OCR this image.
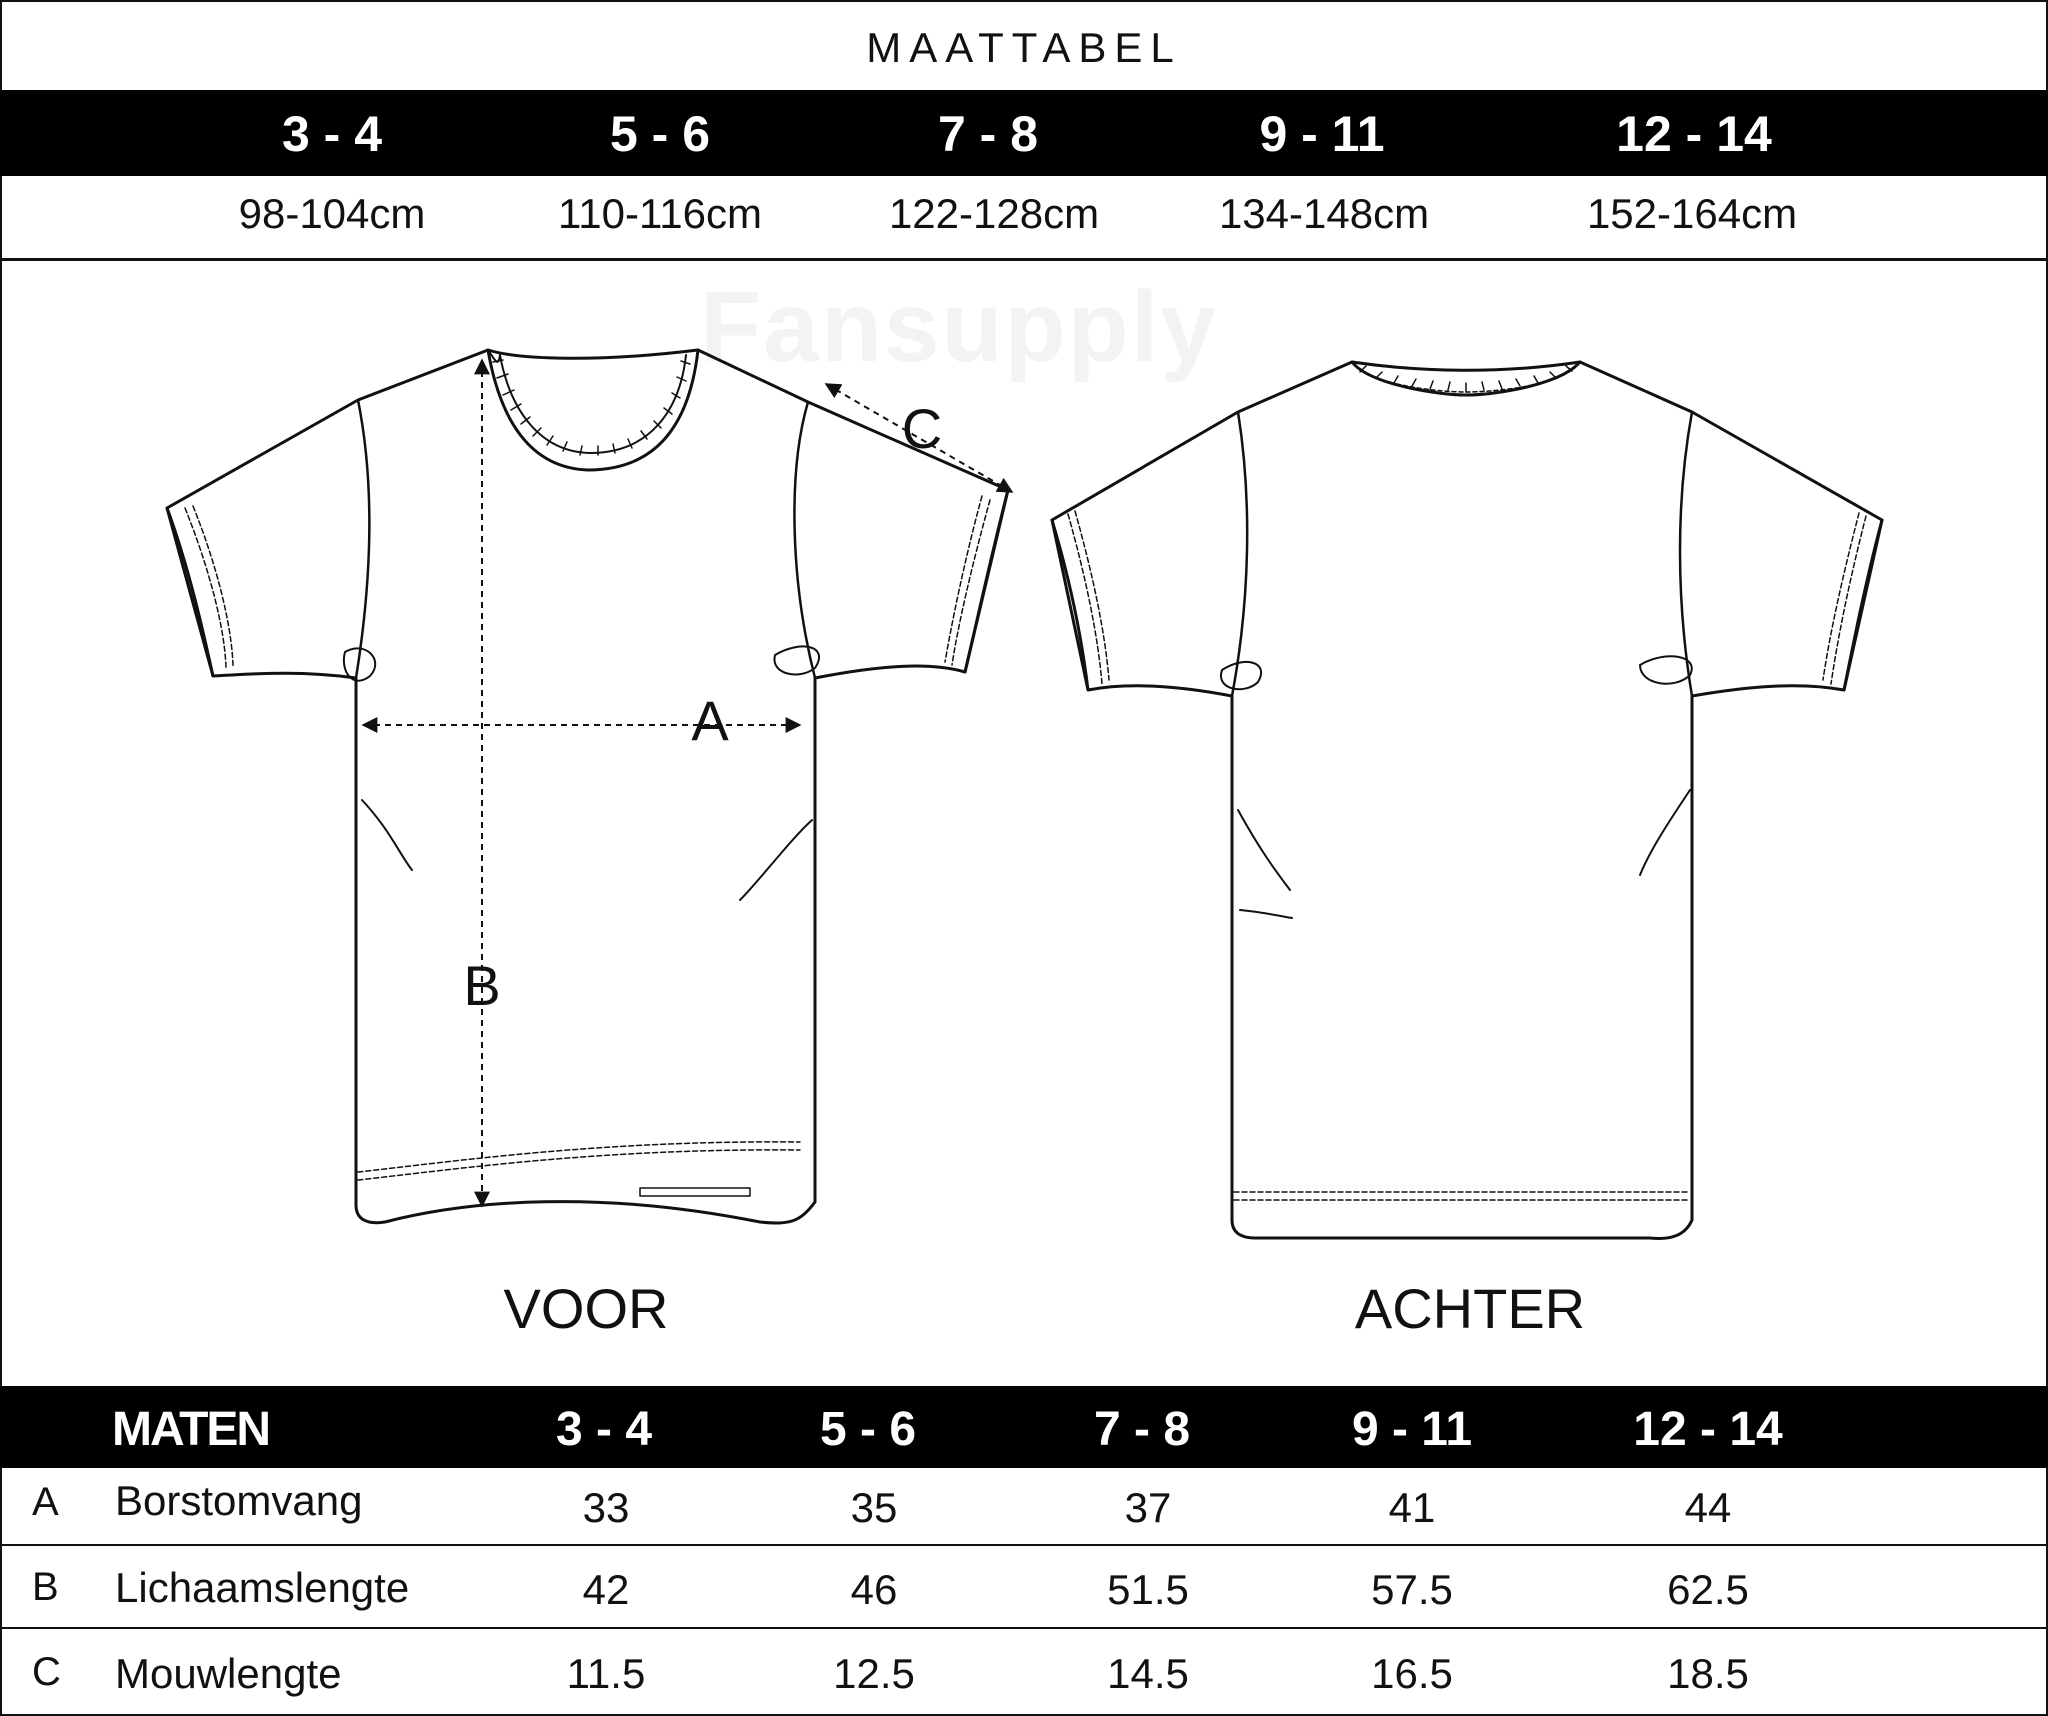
MAATTABEL
3 - 4	5 - 6	7 - 8	9 - 11	12 - 14
98-104cm	110-116cm	122-128cm	134-148cm	152-164cm
Fansupply
A
B
C
VOOR	ACHTER
MATEN	3 - 4	5 - 6	7 - 8	9 - 11	12 - 14
A Borstomvang	33	35	37	41	44
B Lichaamslengte	42	46	51.5	57.5	62.5
C Mouwlengte	11.5	12.5	14.5	16.5	18.5
